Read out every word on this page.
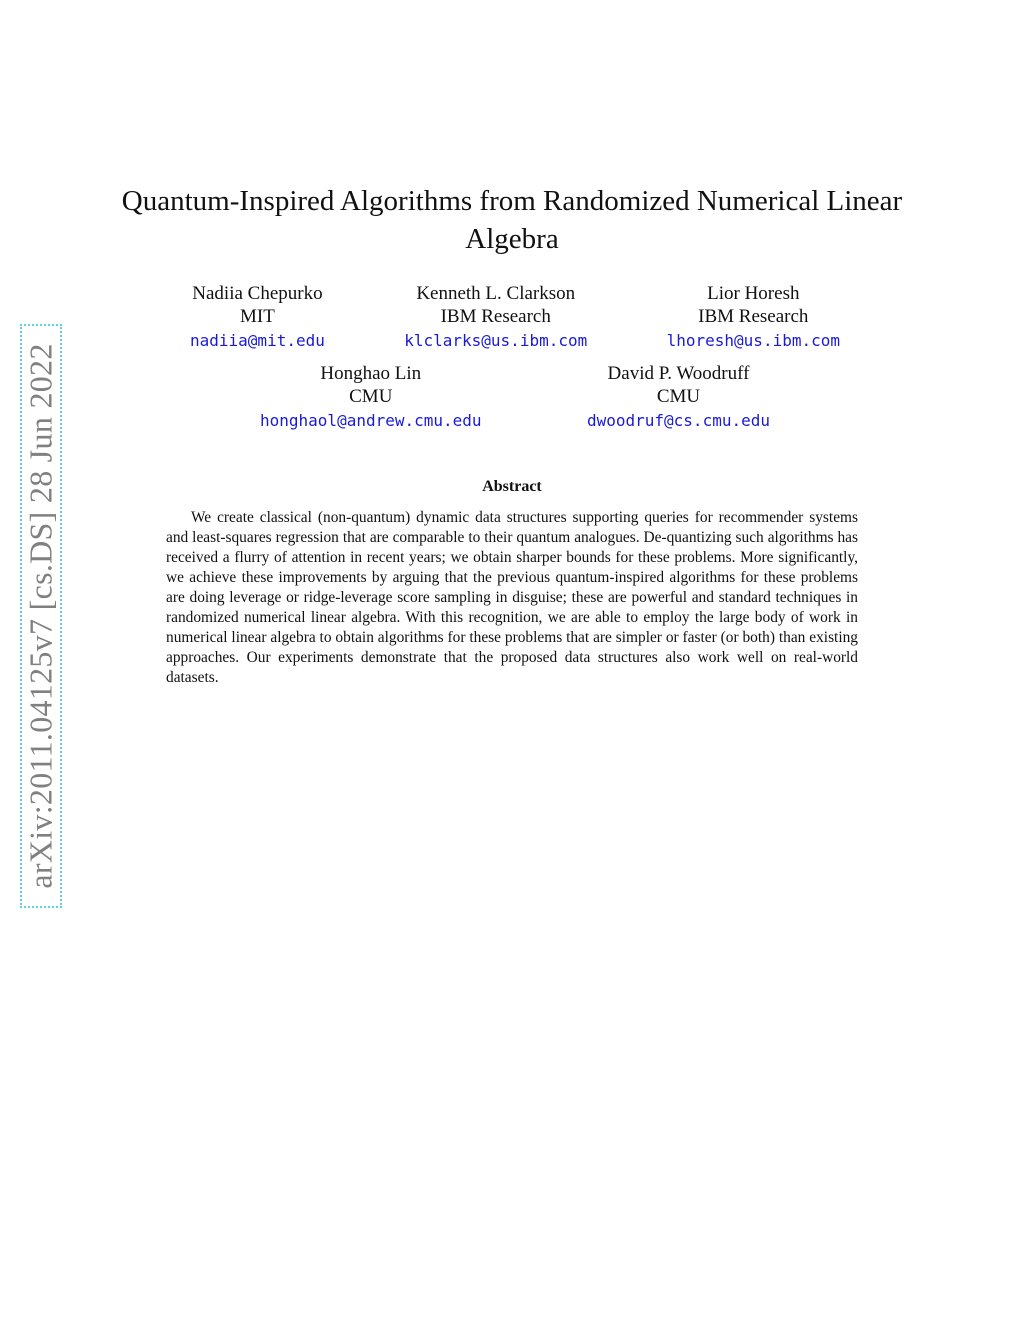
arXiv:2011.04125v7 [cs.DS] 28 Jun 2022
Quantum-Inspired Algorithms from Randomized Numerical Linear Algebra
Nadiia Chepurko
MIT
nadiia@mit.edu
Kenneth L. Clarkson
IBM Research
klclarks@us.ibm.com
Lior Horesh
IBM Research
lhoresh@us.ibm.com
Honghao Lin
CMU
honghaol@andrew.cmu.edu
David P. Woodruff
CMU
dwoodruf@cs.cmu.edu
Abstract

We create classical (non-quantum) dynamic data structures supporting queries for recommender systems and least-squares regression that are comparable to their quantum analogues. De-quantizing such algorithms has received a flurry of attention in recent years; we obtain sharper bounds for these problems. More significantly, we achieve these improvements by arguing that the previous quantum-inspired algorithms for these problems are doing leverage or ridge-leverage score sampling in disguise; these are powerful and standard techniques in randomized numerical linear algebra. With this recognition, we are able to employ the large body of work in numerical linear algebra to obtain algorithms for these problems that are simpler or faster (or both) than existing approaches. Our experiments demonstrate that the proposed data structures also work well on real-world datasets.
